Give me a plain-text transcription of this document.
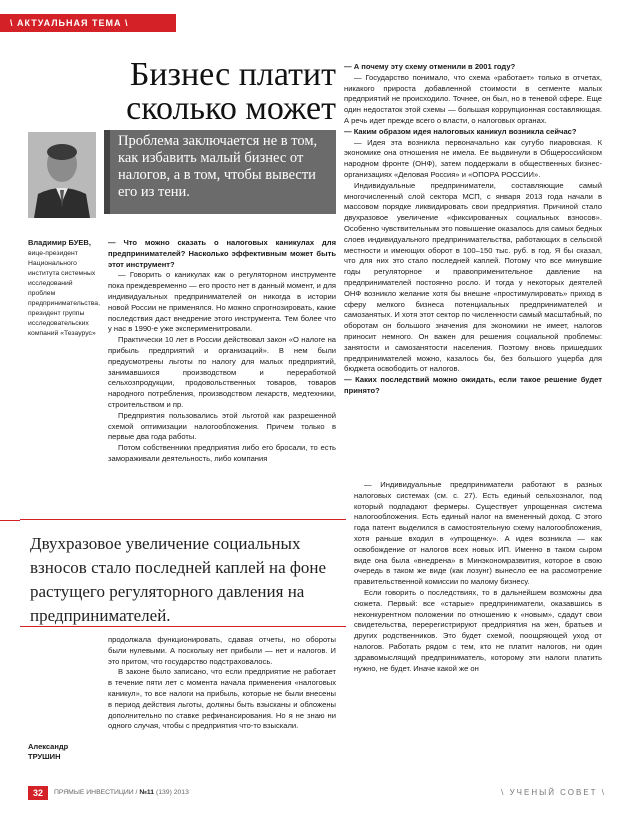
\ АКТУАЛЬНАЯ ТЕМА \
Бизнес платит сколько может
Проблема заключается не в том, как избавить малый бизнес от налогов, а в том, чтобы вывести его из тени.
Владимир БУЕВ,
вице-президент Национального института системных исследований проблем предпринимательства, президент группы исследовательских компаний «Тезаурус»

— Что можно сказать о налоговых каникулах для предпринимателей? Насколько эффективным может быть этот инструмент?

— Говорить о каникулах как о регуляторном инструменте пока преждевременно — его просто нет в данный момент, и для индивидуальных предпринимателей он никогда в истории новой России не применялся. Но можно спрогнозировать, какие последствия даст внедрение этого инструмента. Тем более что у нас в 1990-е уже эксперименитровали.

Практически 10 лет в России действовал закон «О налоге на прибыль предприятий и организаций». В нем были предусмотрены льготы по налогу для малых предприятий, занимавшихся производством и переработкой сельхозпродукции, продовольственных товаров, товаров народного потребления, производством лекарств, медтехники, строительством и пр.

Предприятия пользовались этой льготой как разрешенной схемой оптимизации налогообложения. Причем только в первые два года работы.

Потом собственники предприятия либо его бросали, то есть замораживали деятельность, либо компания

Двухразовое увеличение социальных взносов стало последней каплей на фоне растущего регуляторного давления на предпринимателей.

продолжала функционировать, сдавая отчеты, но обороты были нулевыми. А поскольку нет прибыли — нет и налогов. И это притом, что государство подстраховалось.

В законе было записано, что если предприятие не работает в течение пяти лет с момента начала применения «налоговых каникул», то все налоги на прибыль, которые не были внесены в период действия льготы, должны быть взысканы и обложены дополнительно по ставке рефинансирования. Но я не знаю ни одного случая, чтобы с предприятия что-то взыскали.

Александр
ТРУШИН

— А почему эту схему отменили в 2001 году?

— Государство понимало, что схема «работает» только в отчетах, никакого прироста добавленной стоимости в сегменте малых предприятий не происходило. Точнее, он был, но в теневой сфере. Еще один недостаток этой схемы — большая коррупционная составляющая. А речь идет прежде всего о власти, о налоговых органах.

— Каким образом идея налоговых каникул возникла сейчас?

— Идея эта возникла первоначально как сугубо пиаровская. К экономике она отношения не имела. Ее выдвинули в Общероссийском народном фронте (ОНФ), затем поддержали в общественных бизнес-организациях «Деловая Россия» и «ОПОРА РОССИИ».

Индивидуальные предприниматели, составляющие самый многочисленный слой сектора МСП, с января 2013 года начали в массовом порядке ликвидировать свои предприятия. Причиной стало двухразовое увеличение «фиксированных социальных взносов». Особенно чувствительным это повышение оказалось для самых бедных слоев индивидуального предпринимательства, работающих в сельской местности и имеющих оборот в 100–150 тыс. руб. в год. Я бы сказал, что для них это стало последней каплей. Потому что все минувшие годы регуляторное и правоприменительное давление на предпринимателей постоянно росло. И тогда у некоторых деятелей ОНФ возникло желание хотя бы внешне «простимулировать» приход в сферу мелкого бизнеса потенциальных предпринимателей и самозанятых. И хотя этот сектор по численности самый масштабный, по оборотам он большого значения для экономики не имеет, налогов приносит немного. Он важен для решения социальной проблемы: занятости и самозанятости населения. Поэтому вновь пришедших предпринимателей можно, казалось бы, без большого ущерба для бюджета освободить от налогов.

— Каких последствий можно ожидать, если такое решение будет принято?

— Индивидуальные предприниматели работают в разных налоговых системах (см. с. 27). Есть единый сельхозналог, под который подпадают фермеры. Существует упрощенная система налогообложения. Есть единый налог на вмененный доход. С этого года патент выделился в самостоятельную схему налогообложения, хотя раньше входил в «упрощенку». А идея возникла — как освобождение от налогов всех новых ИП. Именно в таком сыром виде она была «внедрена» в Минэкономразвития, которое в свою очередь в таком же виде (как лозунг) вынесло ее на рассмотрение правительственной комиссии по малому бизнесу.

Если говорить о последствиях, то в дальнейшем возможны два сюжета. Первый: все «старые» предприниматели, оказавшись в неконкурентном положении по отношению к «новым», сдадут свои свидетельства, перерегистрируют предприятия на жен, братьев и других родственников. Это будет схемой, поощряющей уход от налогов. Работать рядом с тем, кто не платит налогов, ни один здравомыслящий предприниматель, которому эти налоги платить нужно, не будет. Иначе какой же он

32	ПРЯМЫЕ ИНВЕСТИЦИИ / №11 (139) 2013	\ УЧЕНЫЙ СОВЕТ \
